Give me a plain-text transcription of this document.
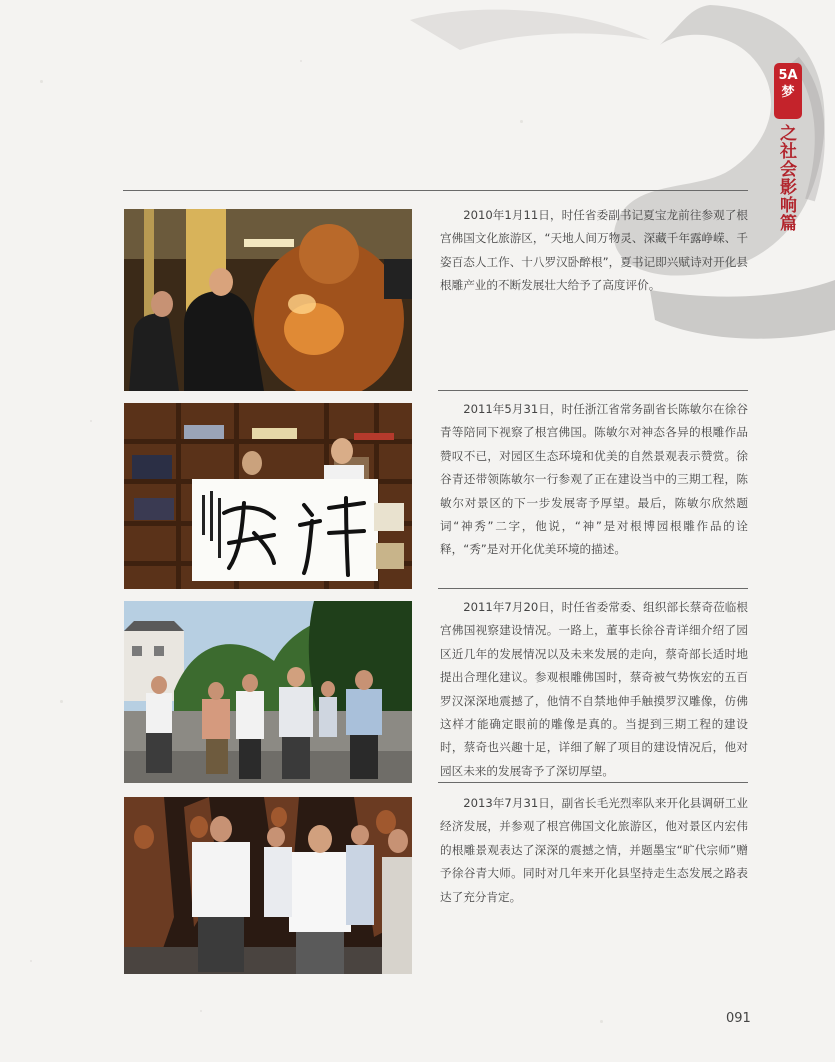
5A
梦
之社会影响篇

2010年1月11日，时任省委副书记夏宝龙前往参观了根宫佛国文化旅游区，“天地人间万物灵、深藏千年露峥嵘、千姿百态人工作、十八罗汉卧醉根”，夏书记即兴赋诗对开化县根雕产业的不断发展壮大给予了高度评价。

2011年5月31日，时任浙江省常务副省长陈敏尔在徐谷青等陪同下视察了根宫佛国。陈敏尔对神态各异的根雕作品赞叹不已，对园区生态环境和优美的自然景观表示赞赏。徐谷青还带领陈敏尔一行参观了正在建设当中的三期工程，陈敏尔对景区的下一步发展寄予厚望。最后，陈敏尔欣然题词“神秀”二字，他说，“神”是对根博园根雕作品的诠释，“秀”是对开化优美环境的描述。

2011年7月20日，时任省委常委、组织部长蔡奇莅临根宫佛国视察建设情况。一路上，董事长徐谷青详细介绍了园区近几年的发展情况以及未来发展的走向，蔡奇部长适时地提出合理化建议。参观根雕佛国时，蔡奇被气势恢宏的五百罗汉深深地震撼了，他情不自禁地伸手触摸罗汉雕像，仿佛这样才能确定眼前的雕像是真的。当提到三期工程的建设时，蔡奇也兴趣十足，详细了解了项目的建设情况后，他对园区未来的发展寄予了深切厚望。

2013年7月31日，副省长毛光烈率队来开化县调研工业经济发展，并参观了根宫佛国文化旅游区，他对景区内宏伟的根雕景观表达了深深的震撼之情，并题墨宝“旷代宗师”赠予徐谷青大师。同时对几年来开化县坚持走生态发展之路表达了充分肯定。

091
